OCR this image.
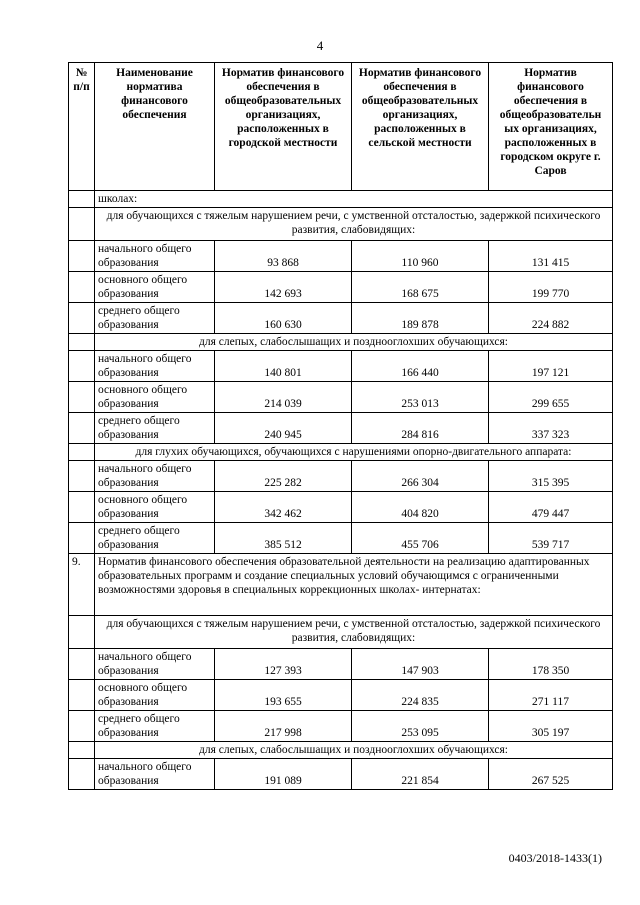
4
№ п/п	Наименование норматива финансового обеспечения	Норматив финансового обеспечения в общеобразовательных организациях, расположенных в городской местности	Норматив финансового обеспечения в общеобразовательных организациях, расположенных в сельской местности	Норматив финансового обеспечения в общеобразовательн ых организациях, расположенных в городском округе г. Саров
	школах:			
	для обучающихся с тяжелым нарушением речи, с умственной отсталостью, задержкой психического развития, слабовидящих:			
	начального общего образования	93 868	110 960	131 415
	основного общего образования	142 693	168 675	199 770
	среднего общего образования	160 630	189 878	224 882
	для слепых, слабослышащих и позднооглохших обучающихся:			
	начального общего образования	140 801	166 440	197 121
	основного общего образования	214 039	253 013	299 655
	среднего общего образования	240 945	284 816	337 323
	для глухих обучающихся, обучающихся с нарушениями опорно-двигательного аппарата:			
	начального общего образования	225 282	266 304	315 395
	основного общего образования	342 462	404 820	479 447
	среднего общего образования	385 512	455 706	539 717
9.	Норматив финансового обеспечения образовательной деятельности на реализацию адаптированных образовательных программ и создание специальных условий обучающимся с ограниченными возможностями здоровья в специальных коррекционных школах- интернатах:			
	для обучающихся с тяжелым нарушением речи, с умственной отсталостью, задержкой психического развития, слабовидящих:			
	начального общего образования	127 393	147 903	178 350
	основного общего образования	193 655	224 835	271 117
	среднего общего образования	217 998	253 095	305 197
	для слепых, слабослышащих и позднооглохших обучающихся:			
	начального общего образования	191 089	221 854	267 525
0403/2018-1433(1)
